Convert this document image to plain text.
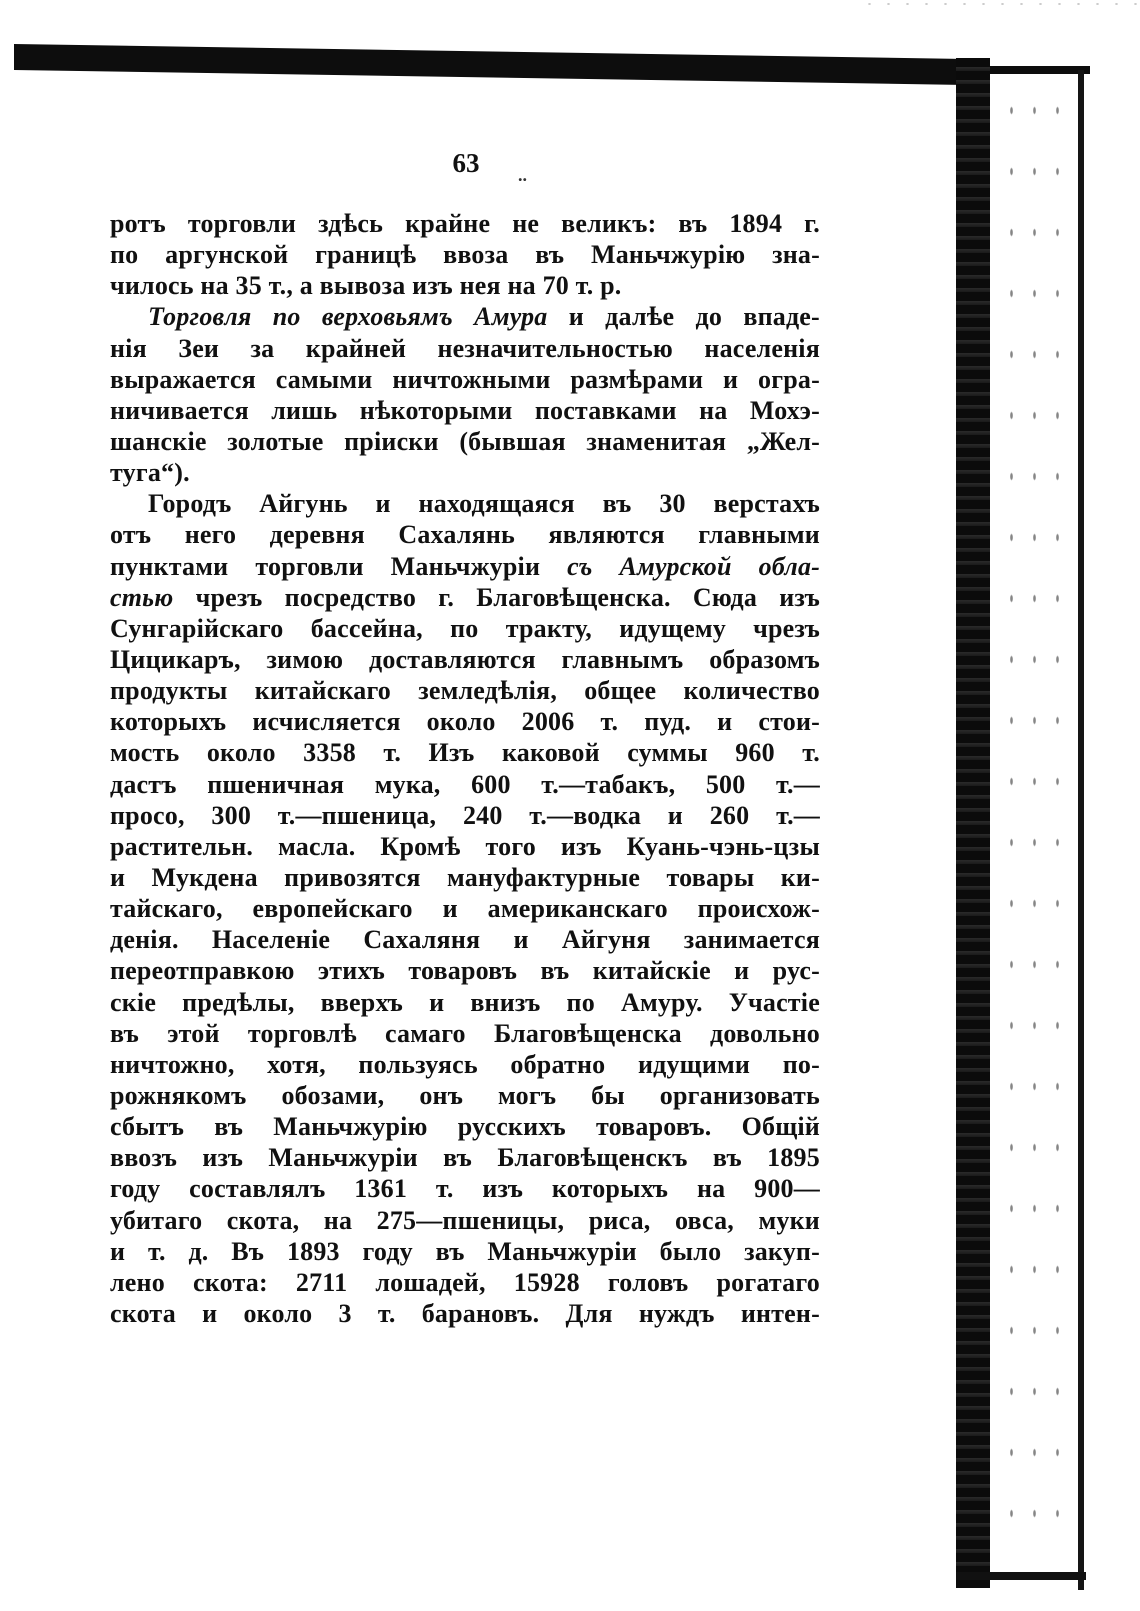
63	..
ротъ торговли здѣсь крайне не великъ: въ 1894 г.
по аргунской границѣ ввоза въ Маньчжурію зна-
чилось на 35 т., а вывоза изъ нея на 70 т. р.
Торговля по верховьямъ Амура и далѣе до впаде-
нія Зеи за крайней незначительностью населенія
выражается самыми ничтожными размѣрами и огра-
ничивается лишь нѣкоторыми поставками на Мохэ-
шанскіе золотые пріиски (бывшая знаменитая „Жел-
туга“).
Городъ Айгунь и находящаяся въ 30 верстахъ
отъ него деревня Сахалянь являются главными
пунктами торговли Маньчжуріи съ Амурской обла-
стью чрезъ посредство г. Благовѣщенска. Сюда изъ
Сунгарійскаго бассейна, по тракту, идущему чрезъ
Цицикаръ, зимою доставляются главнымъ образомъ
продукты китайскаго земледѣлія, общее количество
которыхъ исчисляется около 2006 т. пуд. и стои-
мость около 3358 т. Изъ каковой суммы 960 т.
дастъ пшеничная мука, 600 т.—табакъ, 500 т.—
просо, 300 т.—пшеница, 240 т.—водка и 260 т.—
растительн. масла. Кромѣ того изъ Куань-чэнь-цзы
и Мукдена привозятся мануфактурные товары ки-
тайскаго, европейскаго и американскаго происхож-
денія. Населеніе Сахаляня и Айгуня занимается
переотправкою этихъ товаровъ въ китайскіе и рус-
скіе предѣлы, вверхъ и внизъ по Амуру. Участіе
въ этой торговлѣ самаго Благовѣщенска довольно
ничтожно, хотя, пользуясь обратно идущими по-
рожнякомъ обозами, онъ могъ бы организовать
сбытъ въ Маньчжурію русскихъ товаровъ. Общій
ввозъ изъ Маньчжуріи въ Благовѣщенскъ въ 1895
году составлялъ 1361 т. изъ которыхъ на 900—
убитаго скота, на 275—пшеницы, риса, овса, муки
и т. д. Въ 1893 году въ Маньчжуріи было закуп-
лено скота: 2711 лошадей, 15928 головъ рогатаго
скота и около 3 т. барановъ. Для нуждъ интен-
